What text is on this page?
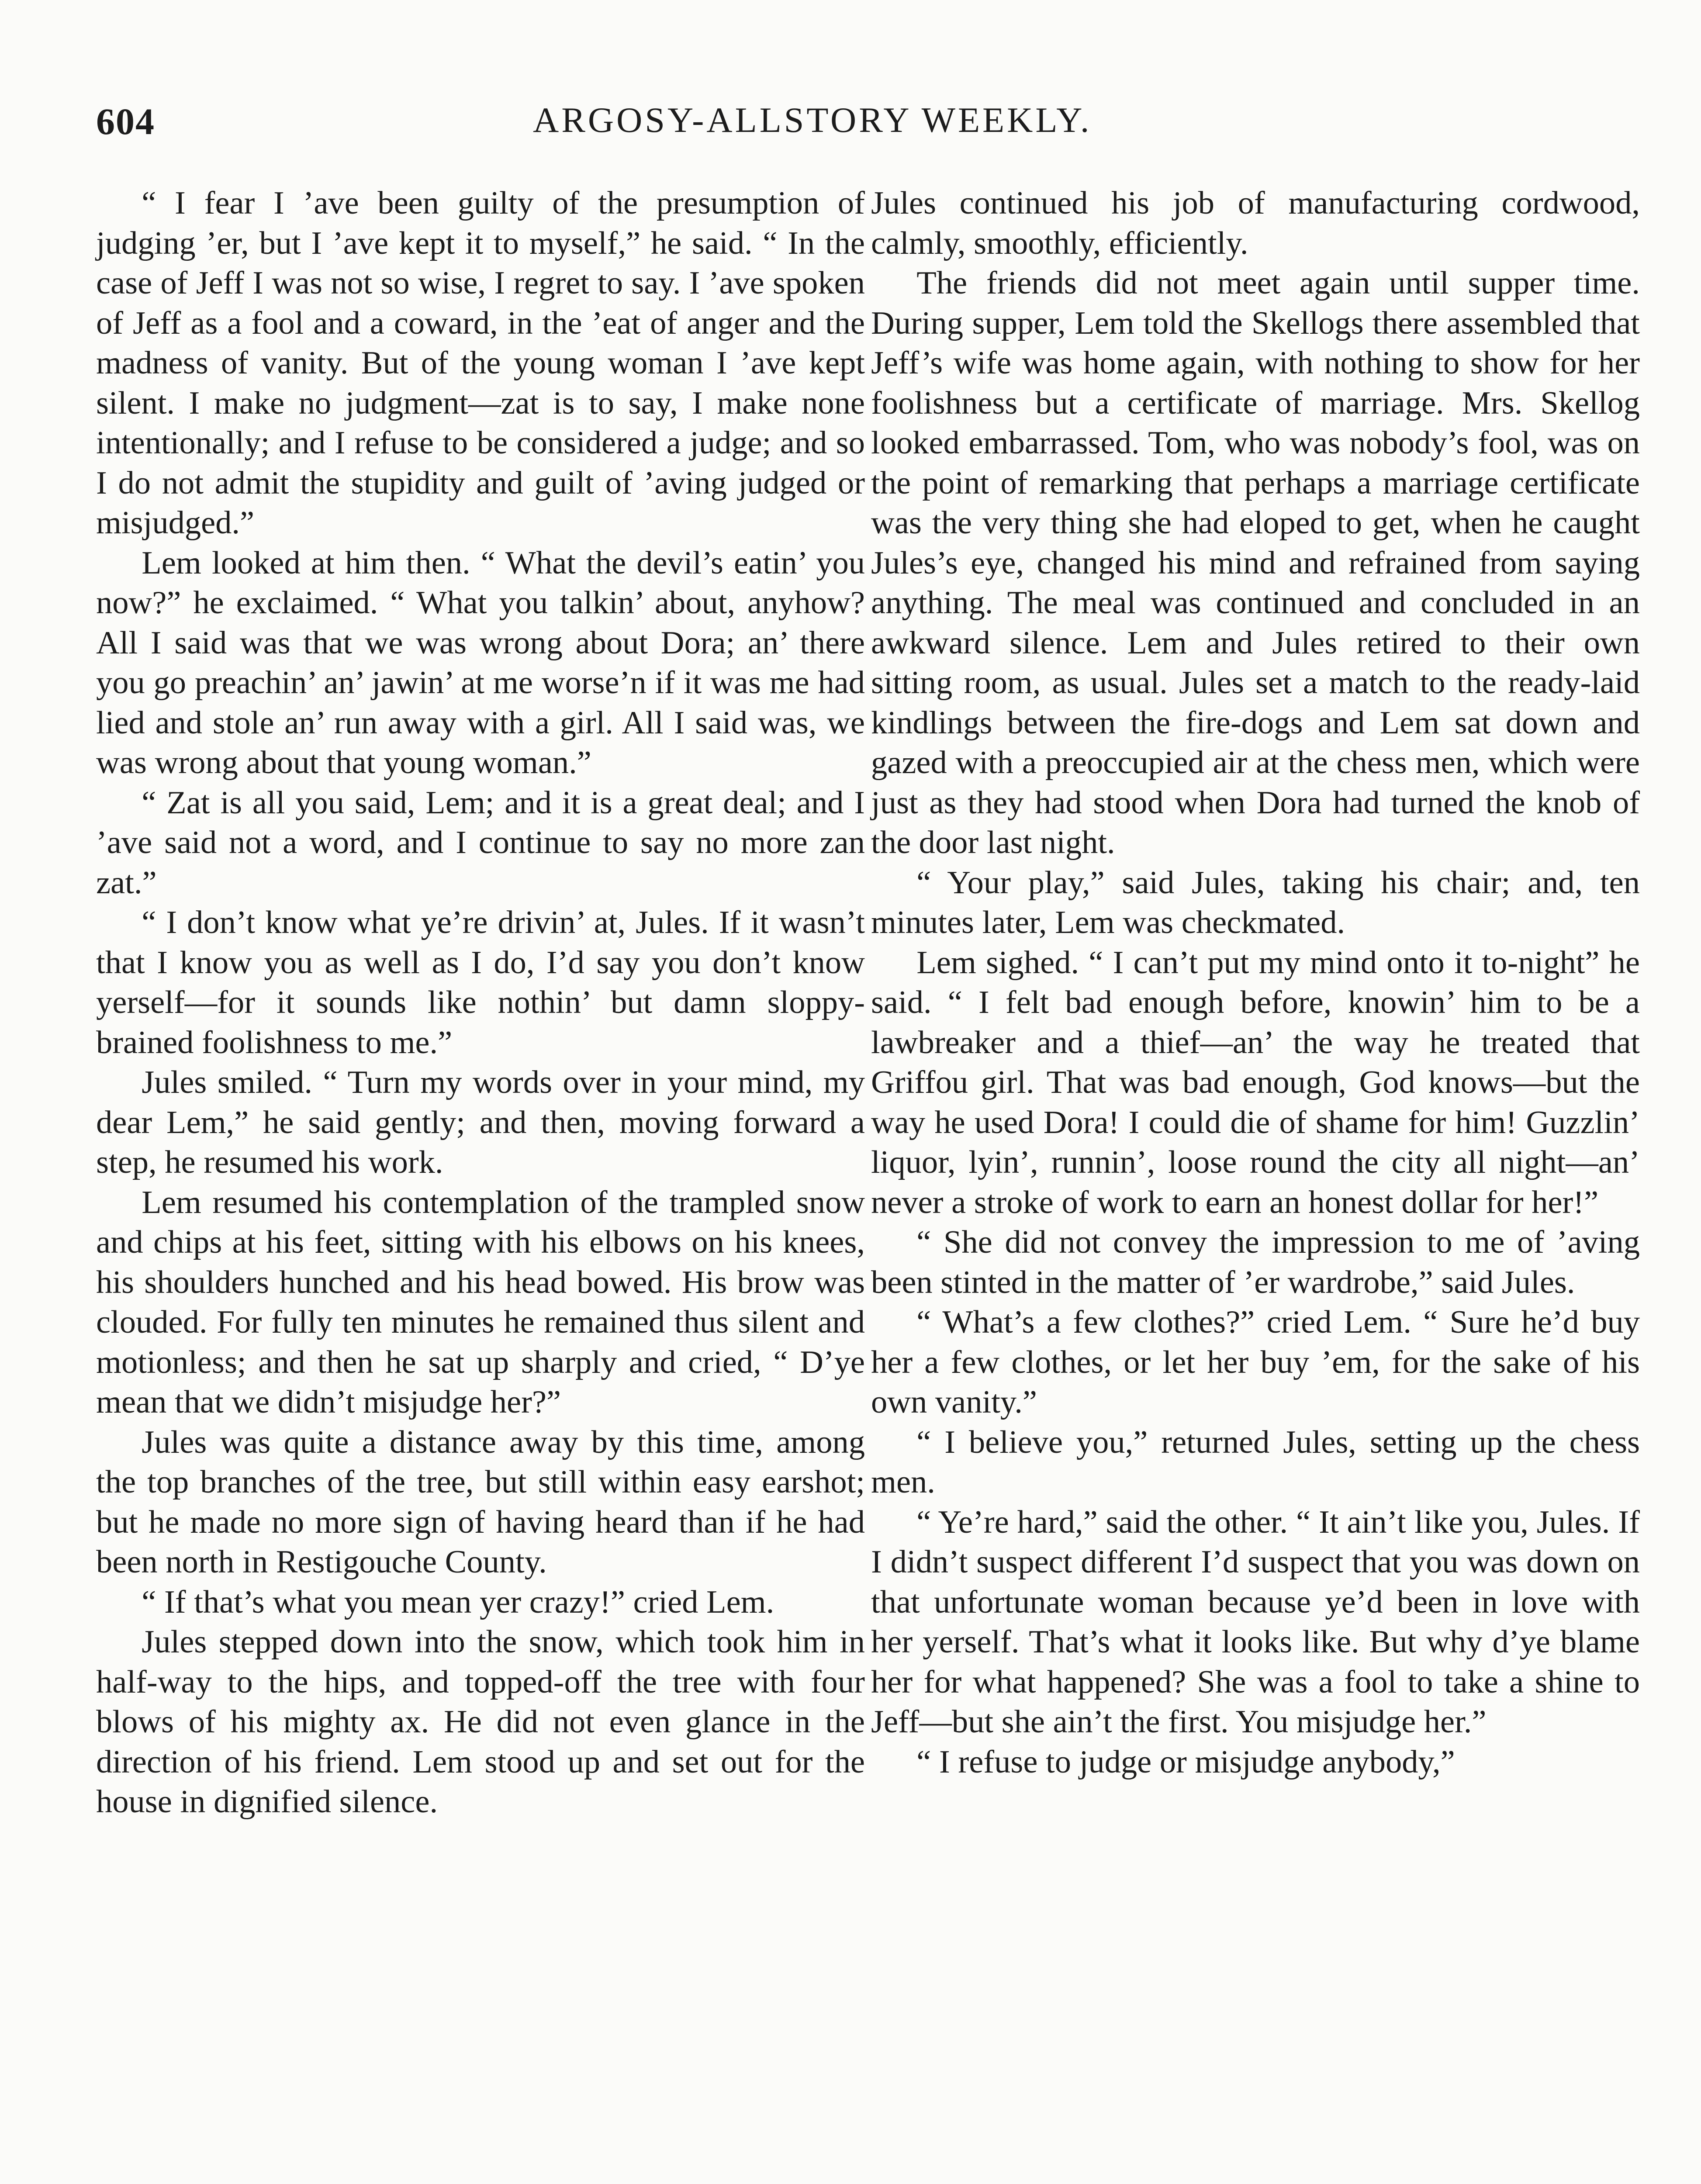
604	ARGOSY-ALLSTORY WEEKLY.

“ I fear I ’ave been guilty of the presumption of judging ’er, but I ’ave kept it to myself,” he said. “ In the case of Jeff I was not so wise, I regret to say. I ’ave spoken of Jeff as a fool and a coward, in the ’eat of anger and the madness of vanity. But of the young woman I ’ave kept silent. I make no judgment—zat is to say, I make none intentionally; and I refuse to be considered a judge; and so I do not admit the stupidity and guilt of ’aving judged or misjudged.”

Lem looked at him then. “ What the devil’s eatin’ you now?” he exclaimed. “ What you talkin’ about, anyhow? All I said was that we was wrong about Dora; an’ there you go preachin’ an’ jawin’ at me worse’n if it was me had lied and stole an’ run away with a girl. All I said was, we was wrong about that young woman.”

“ Zat is all you said, Lem; and it is a great deal; and I ’ave said not a word, and I continue to say no more zan zat.”

“ I don’t know what ye’re drivin’ at, Jules. If it wasn’t that I know you as well as I do, I’d say you don’t know yerself—for it sounds like nothin’ but damn sloppy-brained foolishness to me.”

Jules smiled. “ Turn my words over in your mind, my dear Lem,” he said gently; and then, moving forward a step, he resumed his work.

Lem resumed his contemplation of the trampled snow and chips at his feet, sitting with his elbows on his knees, his shoulders hunched and his head bowed. His brow was clouded. For fully ten minutes he remained thus silent and motionless; and then he sat up sharply and cried, “ D’ye mean that we didn’t misjudge her?”

Jules was quite a distance away by this time, among the top branches of the tree, but still within easy earshot; but he made no more sign of having heard than if he had been north in Restigouche County.

“ If that’s what you mean yer crazy!” cried Lem.

Jules stepped down into the snow, which took him in half-way to the hips, and topped-off the tree with four blows of his mighty ax. He did not even glance in the direction of his friend. Lem stood up and set out for the house in dignified silence.

Jules continued his job of manufacturing cordwood, calmly, smoothly, efficiently.

The friends did not meet again until supper time. During supper, Lem told the Skellogs there assembled that Jeff’s wife was home again, with nothing to show for her foolishness but a certificate of marriage. Mrs. Skellog looked embarrassed. Tom, who was nobody’s fool, was on the point of remarking that perhaps a marriage certificate was the very thing she had eloped to get, when he caught Jules’s eye, changed his mind and refrained from saying anything. The meal was continued and concluded in an awkward silence. Lem and Jules retired to their own sitting room, as usual. Jules set a match to the ready-laid kindlings between the fire-dogs and Lem sat down and gazed with a preoccupied air at the chess men, which were just as they had stood when Dora had turned the knob of the door last night.

“ Your play,” said Jules, taking his chair; and, ten minutes later, Lem was checkmated.

Lem sighed. “ I can’t put my mind onto it to-night” he said. “ I felt bad enough before, knowin’ him to be a lawbreaker and a thief—an’ the way he treated that Griffou girl. That was bad enough, God knows—but the way he used Dora! I could die of shame for him! Guzzlin’ liquor, lyin’, runnin’, loose round the city all night—an’ never a stroke of work to earn an honest dollar for her!”

“ She did not convey the impression to me of ’aving been stinted in the matter of ’er wardrobe,” said Jules.

“ What’s a few clothes?” cried Lem. “ Sure he’d buy her a few clothes, or let her buy ’em, for the sake of his own vanity.”

“ I believe you,” returned Jules, setting up the chess men.

“ Ye’re hard,” said the other. “ It ain’t like you, Jules. If I didn’t suspect different I’d suspect that you was down on that unfortunate woman because ye’d been in love with her yerself. That’s what it looks like. But why d’ye blame her for what happened? She was a fool to take a shine to Jeff—but she ain’t the first. You misjudge her.”

“ I refuse to judge or misjudge anybody,”
